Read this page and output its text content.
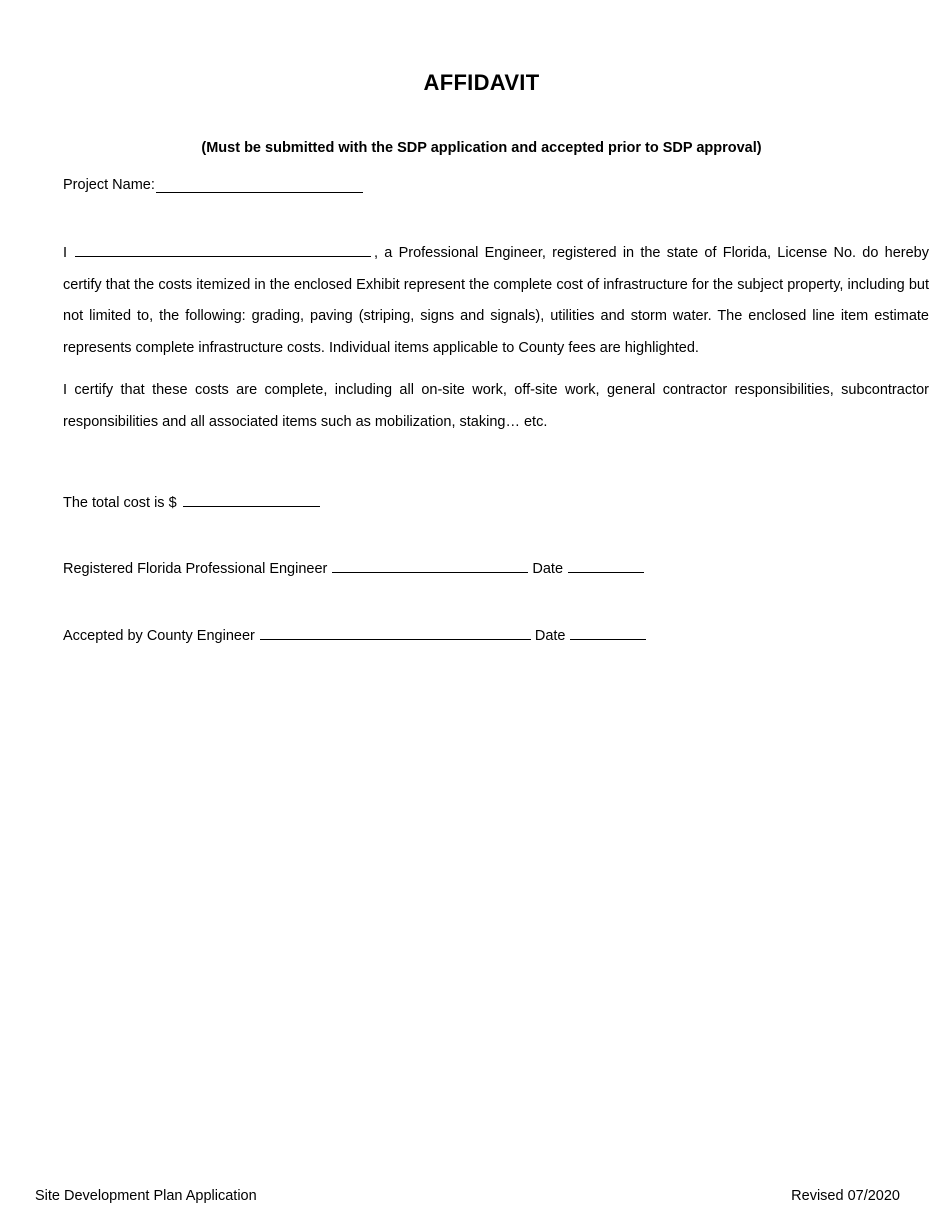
AFFIDAVIT
(Must be submitted with the SDP application and accepted prior to SDP approval)
Project Name:
I	, a Professional Engineer, registered in the state of Florida, License No. do hereby certify that the costs itemized in the enclosed Exhibit represent the complete cost of infrastructure for the subject property, including but not limited to, the following: grading, paving (striping, signs and signals), utilities and storm water. The enclosed line item estimate represents complete infrastructure costs. Individual items applicable to County fees are highlighted.
I certify that these costs are complete, including all on-site work, off-site work, general contractor responsibilities, subcontractor responsibilities and all associated items such as mobilization, staking… etc.
The total cost is $
Registered Florida Professional Engineer	Date
Accepted by County Engineer	Date
Site Development Plan Application	Revised 07/2020
